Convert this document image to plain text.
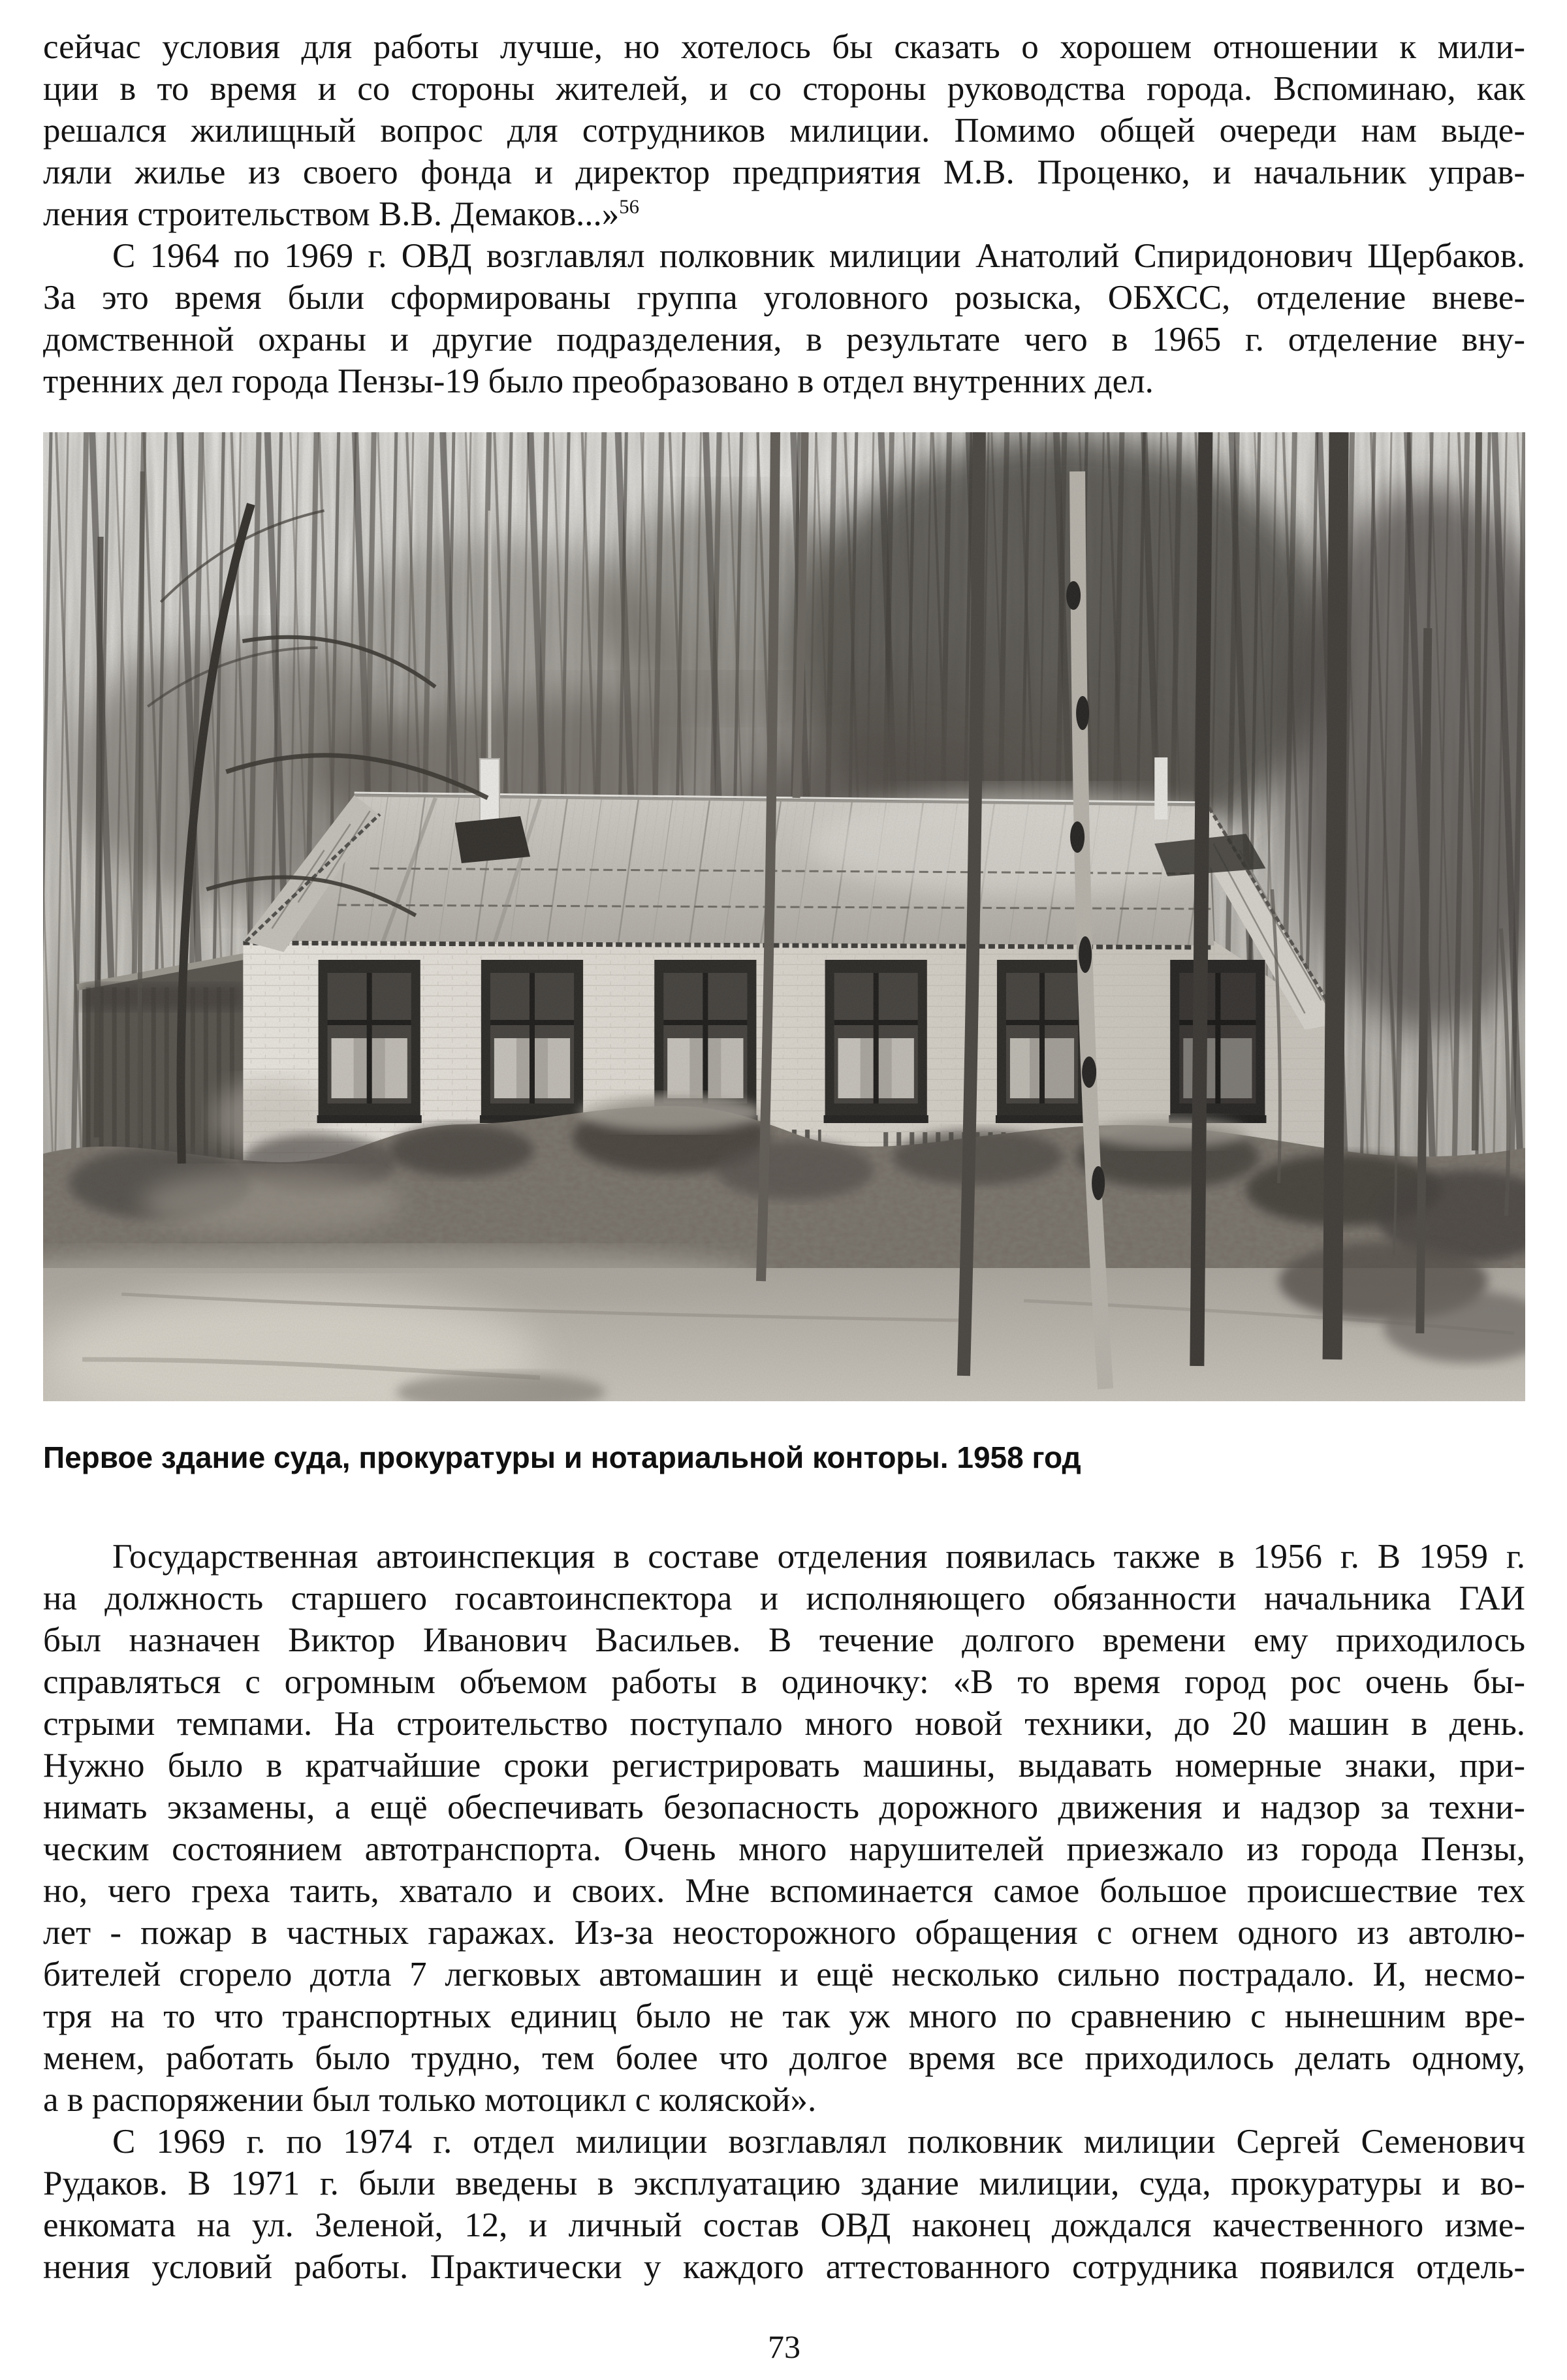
сейчас условия для работы лучше, но хотелось бы сказать о хорошем отношении к мили-
ции в то время и со стороны жителей, и со стороны руководства города. Вспоминаю, как
решался жилищный вопрос для сотрудников милиции. Помимо общей очереди нам выде-
ляли жилье из своего фонда и директор предприятия М.В. Проценко, и начальник управ-
ления строительством В.В. Демаков...»$^{56}$
С 1964 по 1969 г. ОВД возглавлял полковник милиции Анатолий Спиридонович Щербаков.
За это время были сформированы группа уголовного розыска, ОБХСС, отделение вневе-
домственной охраны и другие подразделения, в результате чего в 1965 г. отделение вну-
тренних дел города Пензы-19 было преобразовано в отдел внутренних дел.
Первое здание суда, прокуратуры и нотариальной конторы. 1958 год
Государственная автоинспекция в составе отделения появилась также в 1956 г. В 1959 г.
на должность старшего госавтоинспектора и исполняющего обязанности начальника ГАИ
был назначен Виктор Иванович Васильев. В течение долгого времени ему приходилось
справляться с огромным объемом работы в одиночку: «В то время город рос очень бы-
стрыми темпами. На строительство поступало много новой техники, до 20 машин в день.
Нужно было в кратчайшие сроки регистрировать машины, выдавать номерные знаки, при-
нимать экзамены, а ещё обеспечивать безопасность дорожного движения и надзор за техни-
ческим состоянием автотранспорта. Очень много нарушителей приезжало из города Пензы,
но, чего греха таить, хватало и своих. Мне вспоминается самое большое происшествие тех
лет - пожар в частных гаражах. Из-за неосторожного обращения с огнем одного из автолю-
бителей сгорело дотла 7 легковых автомашин и ещё несколько сильно пострадало. И, несмо-
тря на то что транспортных единиц было не так уж много по сравнению с нынешним вре-
менем, работать было трудно, тем более что долгое время все приходилось делать одному,
а в распоряжении был только мотоцикл с коляской».
С 1969 г. по 1974 г. отдел милиции возглавлял полковник милиции Сергей Семенович
Рудаков. В 1971 г. были введены в эксплуатацию здание милиции, суда, прокуратуры и во-
енкомата на ул. Зеленой, 12, и личный состав ОВД наконец дождался качественного изме-
нения условий работы. Практически у каждого аттестованного сотрудника появился отдель-
73
